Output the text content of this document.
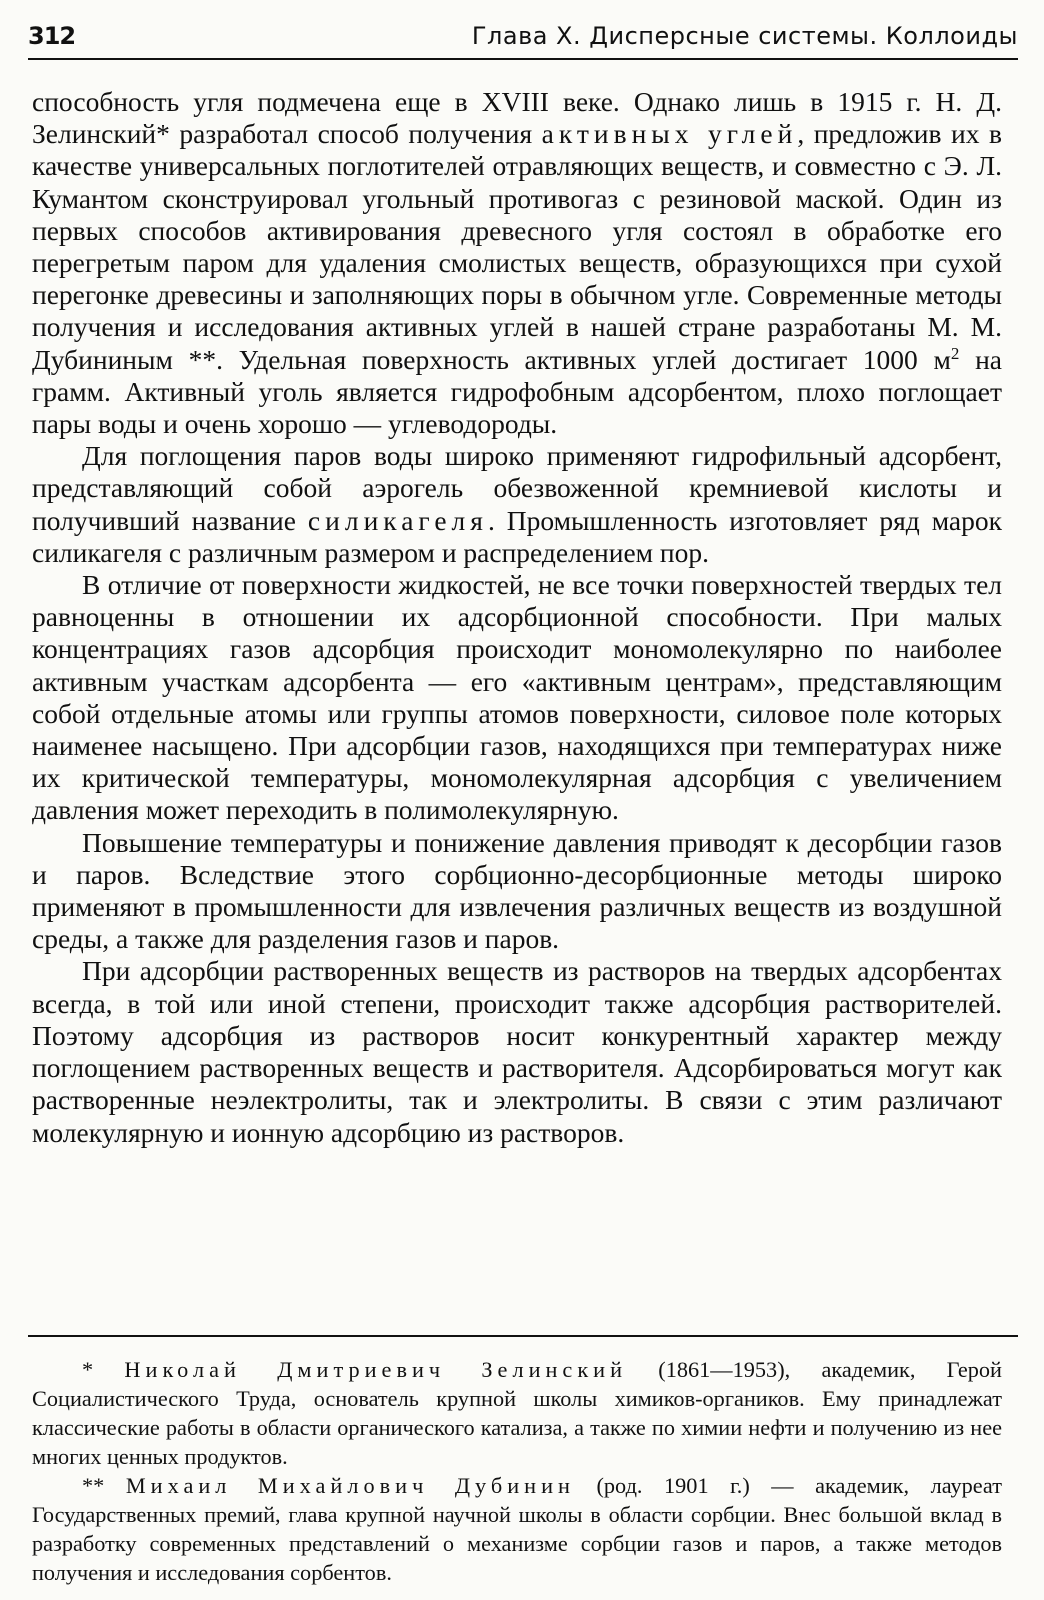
312	Глава X. Дисперсные системы. Коллоиды

способность угля подмечена еще в XVIII веке. Однако лишь в 1915 г. Н. Д. Зелинский* разработал способ получения активных углей, предложив их в качестве универсальных поглотителей отравляющих веществ, и совместно с Э. Л. Кумантом сконструировал угольный противогаз с резиновой маской. Один из первых способов активирования древесного угля состоял в обработке его перегретым паром для удаления смолистых веществ, образующихся при сухой перегонке древесины и заполняющих поры в обычном угле. Современные методы получения и исследования активных углей в нашей стране разработаны М. М. Дубининым **. Удельная поверхность активных углей достигает 1000 $м^2$ на грамм. Активный уголь является гидрофобным адсорбентом, плохо поглощает пары воды и очень хорошо — углеводороды.

Для поглощения паров воды широко применяют гидрофильный адсорбент, представляющий собой аэрогель обезвоженной кремниевой кислоты и получивший название силикагеля. Промышленность изготовляет ряд марок силикагеля с различным размером и распределением пор.

В отличие от поверхности жидкостей, не все точки поверхностей твердых тел равноценны в отношении их адсорбционной способности. При малых концентрациях газов адсорбция происходит мономолекулярно по наиболее активным участкам адсорбента — его «активным центрам», представляющим собой отдельные атомы или группы атомов поверхности, силовое поле которых наименее насыщено. При адсорбции газов, находящихся при температурах ниже их критической температуры, мономолекулярная адсорбция с увеличением давления может переходить в полимолекулярную.

Повышение температуры и понижение давления приводят к десорбции газов и паров. Вследствие этого сорбционно-десорбционные методы широко применяют в промышленности для извлечения различных веществ из воздушной среды, а также для разделения газов и паров.

При адсорбции растворенных веществ из растворов на твердых адсорбентах всегда, в той или иной степени, происходит также адсорбция растворителей. Поэтому адсорбция из растворов носит конкурентный характер между поглощением растворенных веществ и растворителя. Адсорбироваться могут как растворенные неэлектролиты, так и электролиты. В связи с этим различают молекулярную и ионную адсорбцию из растворов.

* Николай Дмитриевич Зелинский (1861—1953), академик, Герой Социалистического Труда, основатель крупной школы химиков-органиков. Ему принадлежат классические работы в области органического катализа, а также по химии нефти и получению из нее многих ценных продуктов.

** Михаил Михайлович Дубинин (род. 1901 г.) — академик, лауреат Государственных премий, глава крупной научной школы в области сорбции. Внес большой вклад в разработку современных представлений о механизме сорбции газов и паров, а также методов получения и исследования сорбентов.
